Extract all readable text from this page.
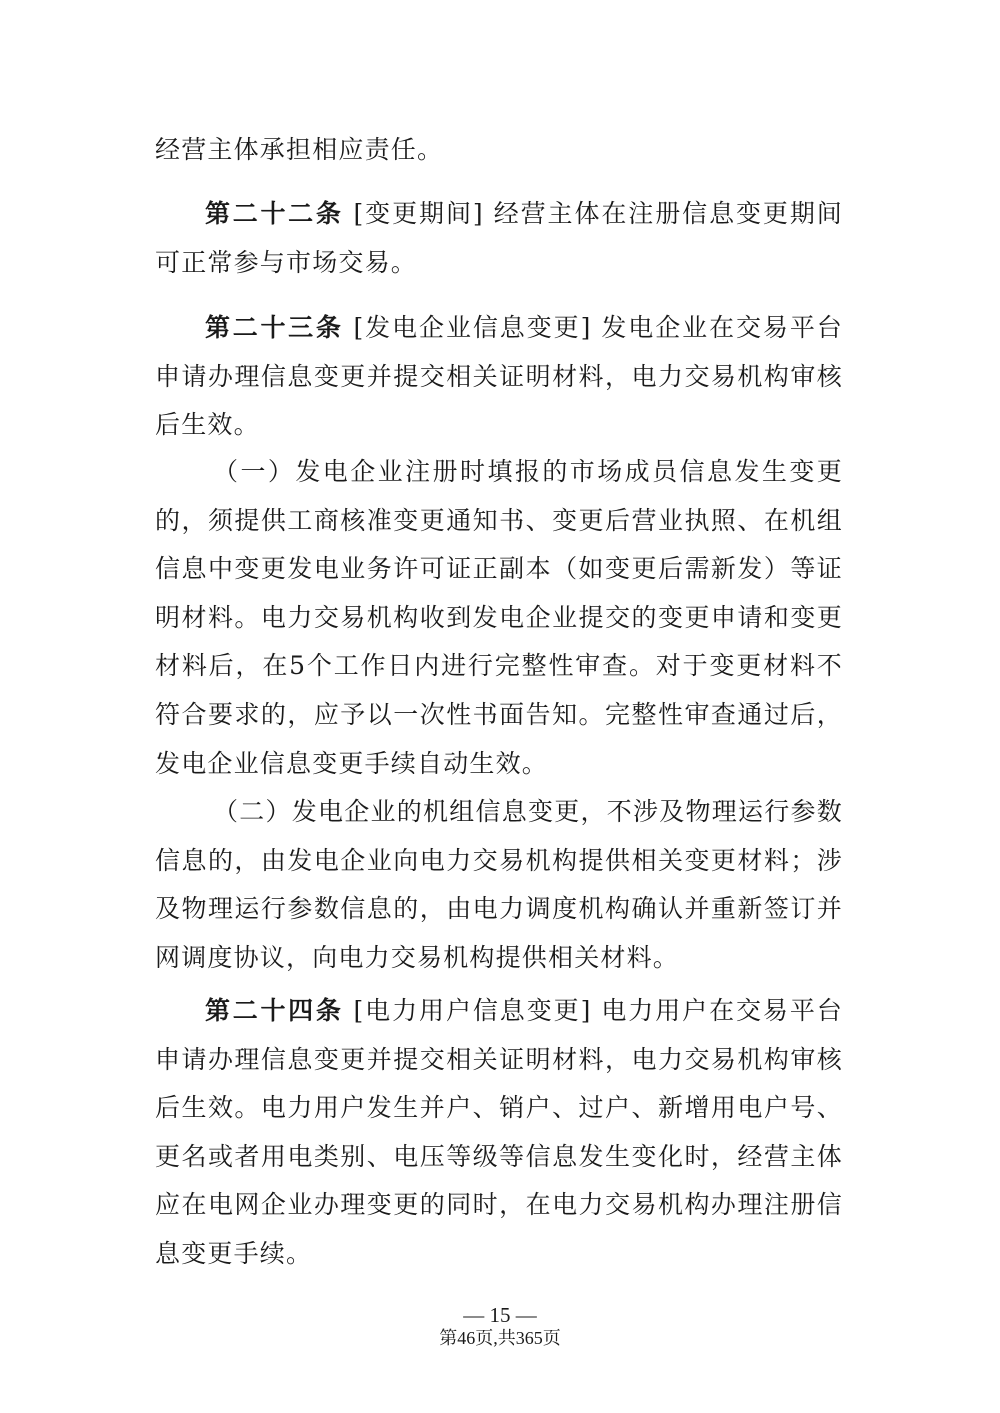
经营主体承担相应责任。

第二十二条 [变更期间] 经营主体在注册信息变更期间可正常参与市场交易。

第二十三条 [发电企业信息变更] 发电企业在交易平台申请办理信息变更并提交相关证明材料，电力交易机构审核后生效。

（一）发电企业注册时填报的市场成员信息发生变更的，须提供工商核准变更通知书、变更后营业执照、在机组信息中变更发电业务许可证正副本（如变更后需新发）等证明材料。电力交易机构收到发电企业提交的变更申请和变更材料后，在5个工作日内进行完整性审查。对于变更材料不符合要求的，应予以一次性书面告知。完整性审查通过后，发电企业信息变更手续自动生效。

（二）发电企业的机组信息变更，不涉及物理运行参数信息的，由发电企业向电力交易机构提供相关变更材料；涉及物理运行参数信息的，由电力调度机构确认并重新签订并网调度协议，向电力交易机构提供相关材料。

第二十四条 [电力用户信息变更] 电力用户在交易平台申请办理信息变更并提交相关证明材料，电力交易机构审核后生效。电力用户发生并户、销户、过户、新增用电户号、更名或者用电类别、电压等级等信息发生变化时，经营主体应在电网企业办理变更的同时，在电力交易机构办理注册信息变更手续。

— 15 —

第46页,共365页
